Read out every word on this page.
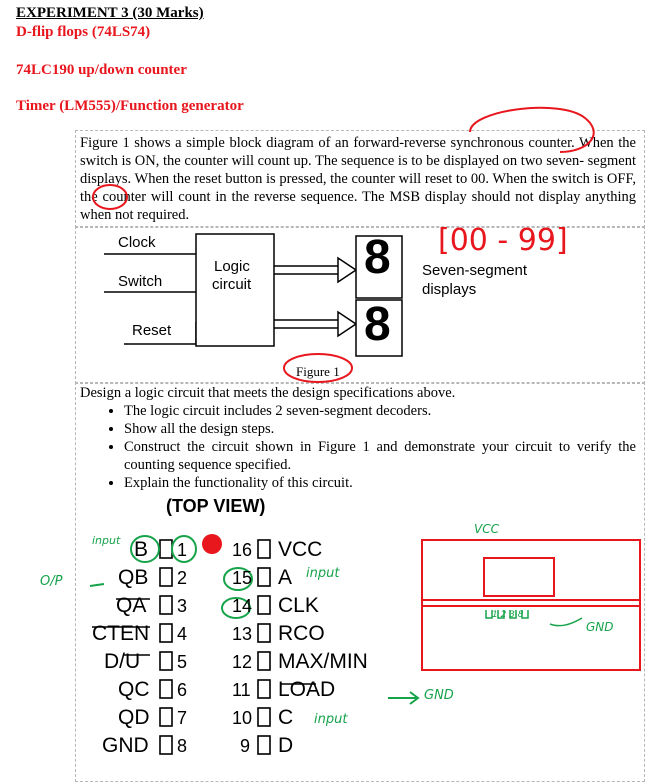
EXPERIMENT 3 (30 Marks)
D-flip flops (74LS74)
74LC190 up/down counter
Timer (LM555)/Function generator
Figure 1 shows a simple block diagram of an forward-reverse synchronous counter. When the switch is ON, the counter will count up. The sequence is to be displayed on two seven- segment displays. When the reset button is pressed, the counter will reset to 00. When the switch is OFF, the counter will count in the reverse sequence. The MSB display should not display anything when not required.
[00 - 99]
Clock
Switch
Reset
Logic
circuit
8
8
Seven-segment
displays
Figure 1
Design a logic circuit that meets the design specifications above.
• The logic circuit includes 2 seven-segment decoders.
• Show all the design steps.
• Construct the circuit shown in Figure 1 and demonstrate your circuit to verify the counting sequence specified.
• Explain the functionality of this circuit.
(TOP VIEW)
B
QB
QA
CTEN
D/U
QC
QD
GND
1
2
3
4
5
6
7
8
16
15
14
13
12
11
10
9
VCC
A
CLK
RCO
MAX/MIN
LOAD
C
D
input
O/P
input
GND
input
VCC
GND
1 2 3 8
